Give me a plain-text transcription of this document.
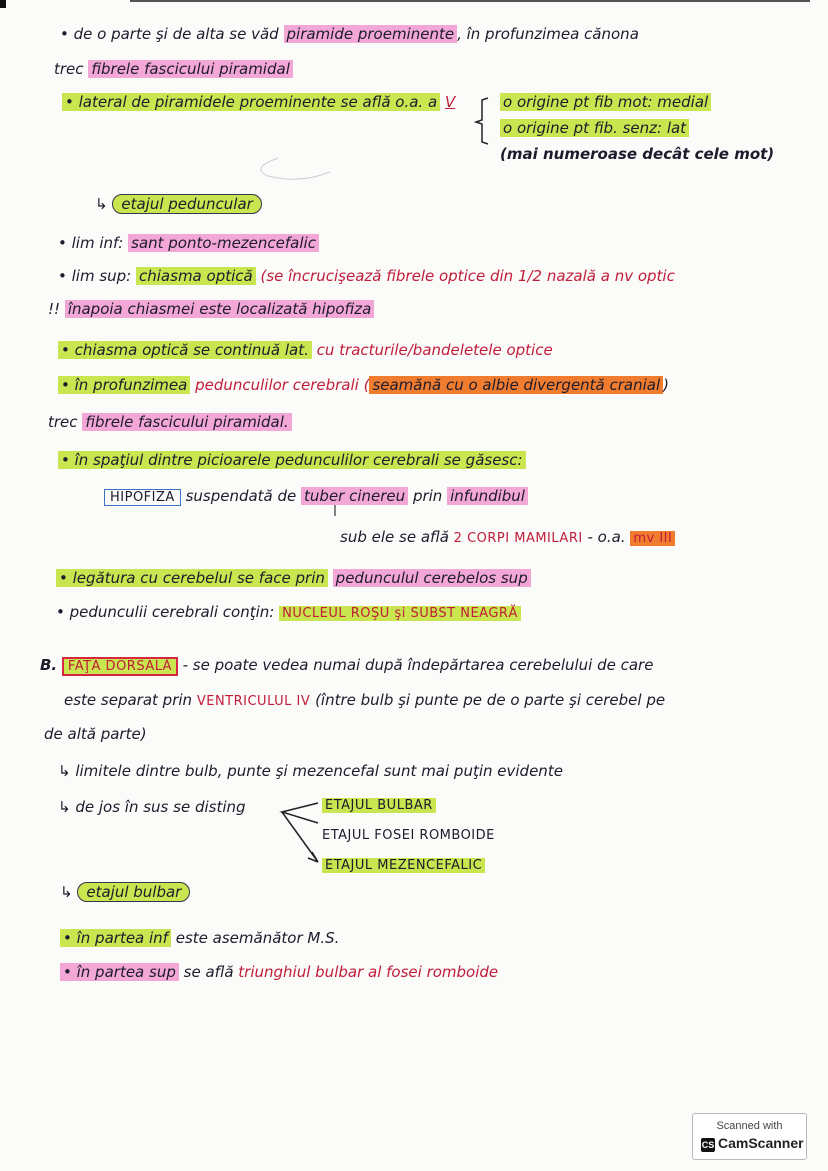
• de o parte şi de alta se văd piramide proeminente , în profunzimea cănona
trec fibrele fascicului piramidal
• lateral de piramidele proeminente se află o.a. a V	o origine pt fib mot: medial
o origine pt fib. senz: lat
(mai numeroase decât cele mot)
↳ etajul peduncular
• lim inf: sant ponto-mezencefalic
• lim sup: chiasma optică (se încrucişează fibrele optice din 1/2 nazală a nv optic
!! înapoia chiasmei este localizată hipofiza
• chiasma optică se continuă lat. cu tracturile/bandeletele optice
• în profunzimea pedunculilor cerebrali ( seamănă cu o albie divergentă cranial )
trec fibrele fascicului piramidal.
• în spaţiul dintre picioarele pedunculilor cerebrali se găsesc:
HIPOFIZA suspendată de tuber cinereu prin infundibul
sub ele se află 2 CORPI MAMILARI - o.a. mv III
• legătura cu cerebelul se face prin pedunculul cerebelos sup
• pedunculii cerebrali conţin: NUCLEUL ROŞU şi SUBST NEAGRĂ
B. FAŢA DORSALĂ - se poate vedea numai după îndepărtarea cerebelului de care
este separat prin VENTRICULUL IV (între bulb şi punte pe de o parte şi cerebel pe
de altă parte)
↳ limitele dintre bulb, punte şi mezencefal sunt mai puţin evidente
↳ de jos în sus se disting	ETAJUL BULBAR
ETAJUL FOSEI ROMBOIDE
ETAJUL MEZENCEFALIC
↳ etajul bulbar
• în partea inf este asemănător M.S.
• în partea sup se află triunghiul bulbar al fosei romboide
Scanned with
CS CamScanner
